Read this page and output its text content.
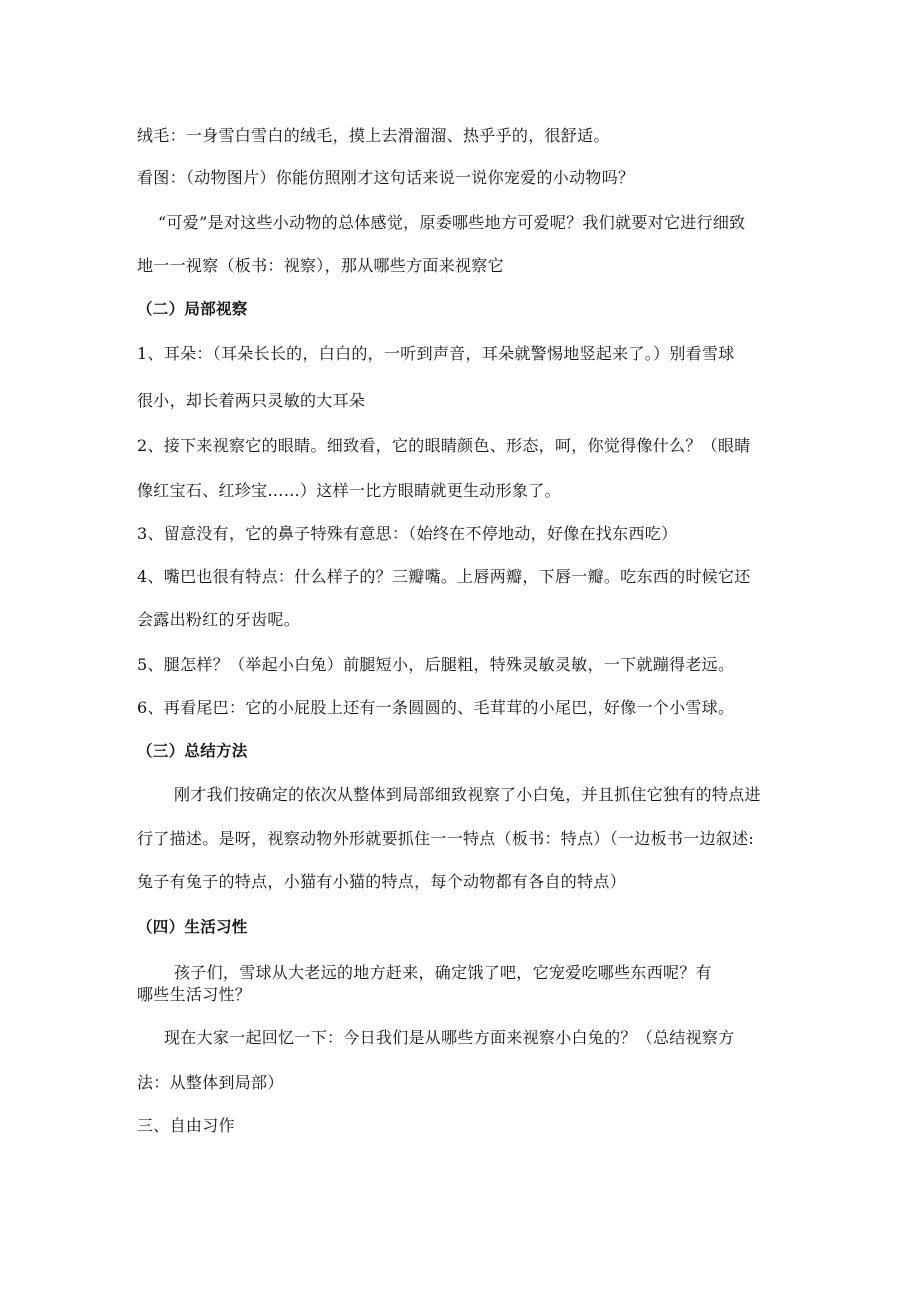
绒毛：一身雪白雪白的绒毛，摸上去滑溜溜、热乎乎的，很舒适。
看图：（动物图片）你能仿照刚才这句话来说一说你宠爱的小动物吗？
“可爱”是对这些小动物的总体感觉，原委哪些地方可爱呢？我们就要对它进行细致
地一一视察（板书：视察），那从哪些方面来视察它
（二）局部视察
1、耳朵：（耳朵长长的，白白的，一听到声音，耳朵就警惕地竖起来了。）别看雪球
很小，却长着两只灵敏的大耳朵
2、接下来视察它的眼睛。细致看，它的眼睛颜色、形态，呵，你觉得像什么？（眼睛
像红宝石、红珍宝……）这样一比方眼睛就更生动形象了。
3、留意没有，它的鼻子特殊有意思：（始终在不停地动，好像在找东西吃）
4、嘴巴也很有特点：什么样子的？三瓣嘴。上唇两瓣，下唇一瓣。吃东西的时候它还
会露出粉红的牙齿呢。
5、腿怎样？（举起小白兔）前腿短小，后腿粗，特殊灵敏灵敏，一下就蹦得老远。
6、再看尾巴：它的小屁股上还有一条圆圆的、毛茸茸的小尾巴，好像一个小雪球。
（三）总结方法
刚才我们按确定的依次从整体到局部细致视察了小白兔，并且抓住它独有的特点进
行了描述。是呀，视察动物外形就要抓住一一特点（板书：特点）（一边板书一边叙述:
兔子有兔子的特点，小猫有小猫的特点，每个动物都有各自的特点）
（四）生活习性
孩子们，雪球从大老远的地方赶来，确定饿了吧，它宠爱吃哪些东西呢？有
哪些生活习性？
现在大家一起回忆一下：今日我们是从哪些方面来视察小白兔的？（总结视察方
法：从整体到局部）
三、自由习作
